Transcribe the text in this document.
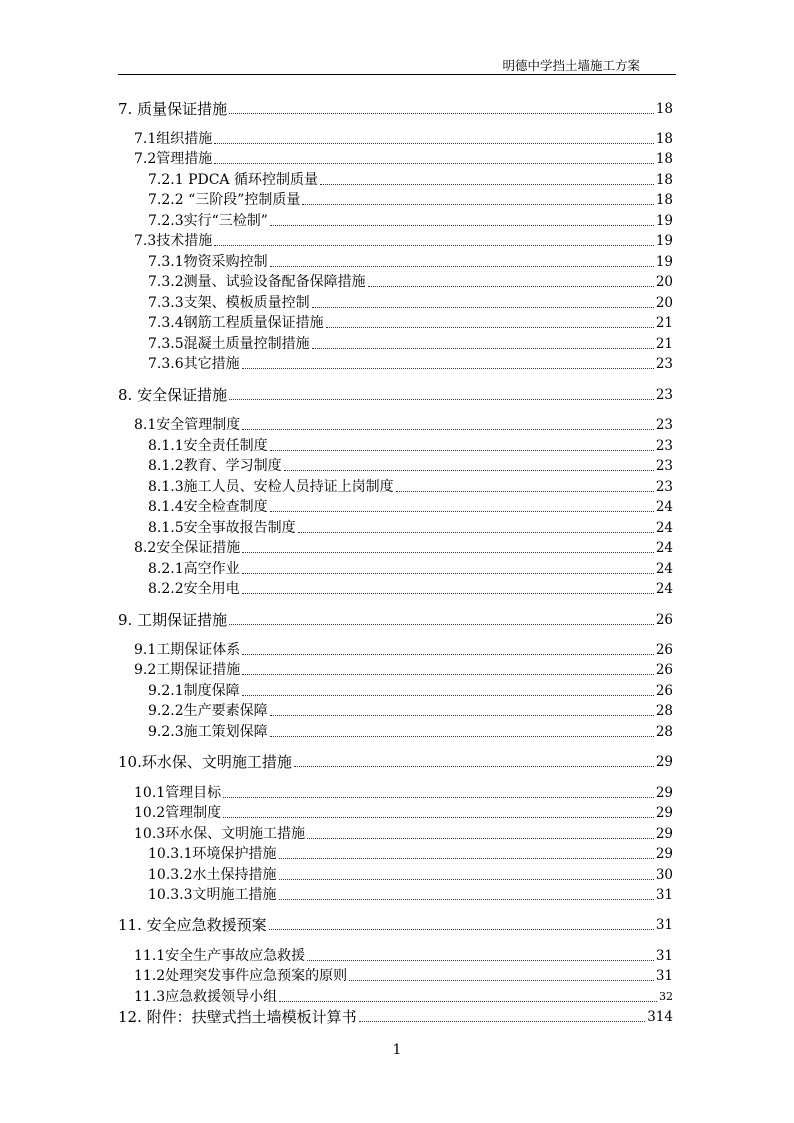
明德中学挡土墙施工方案
7. 质量保证措施	18
7.1组织措施	18
7.2管理措施	18
7.2.1 PDCA 循环控制质量	18
7.2.2 “三阶段”控制质量	18
7.2.3实行“三检制”	19
7.3技术措施	19
7.3.1物资采购控制	19
7.3.2测量、试验设备配备保障措施	20
7.3.3支架、模板质量控制	20
7.3.4钢筋工程质量保证措施	21
7.3.5混凝土质量控制措施	21
7.3.6其它措施	23
8. 安全保证措施	23
8.1安全管理制度	23
8.1.1安全责任制度	23
8.1.2教育、学习制度	23
8.1.3施工人员、安检人员持证上岗制度	23
8.1.4安全检查制度	24
8.1.5安全事故报告制度	24
8.2安全保证措施	24
8.2.1高空作业	24
8.2.2安全用电	24
9. 工期保证措施	26
9.1工期保证体系	26
9.2工期保证措施	26
9.2.1制度保障	26
9.2.2生产要素保障	28
9.2.3施工策划保障	28
10.环水保、文明施工措施	29
10.1管理目标	29
10.2管理制度	29
10.3环水保、文明施工措施	29
10.3.1环境保护措施	29
10.3.2水土保持措施	30
10.3.3文明施工措施	31
11. 安全应急救援预案	31
11.1安全生产事故应急救援	31
11.2处理突发事件应急预案的原则	31
11.3应急救援领导小组	32
12. 附件：扶壁式挡土墙模板计算书	314
1
